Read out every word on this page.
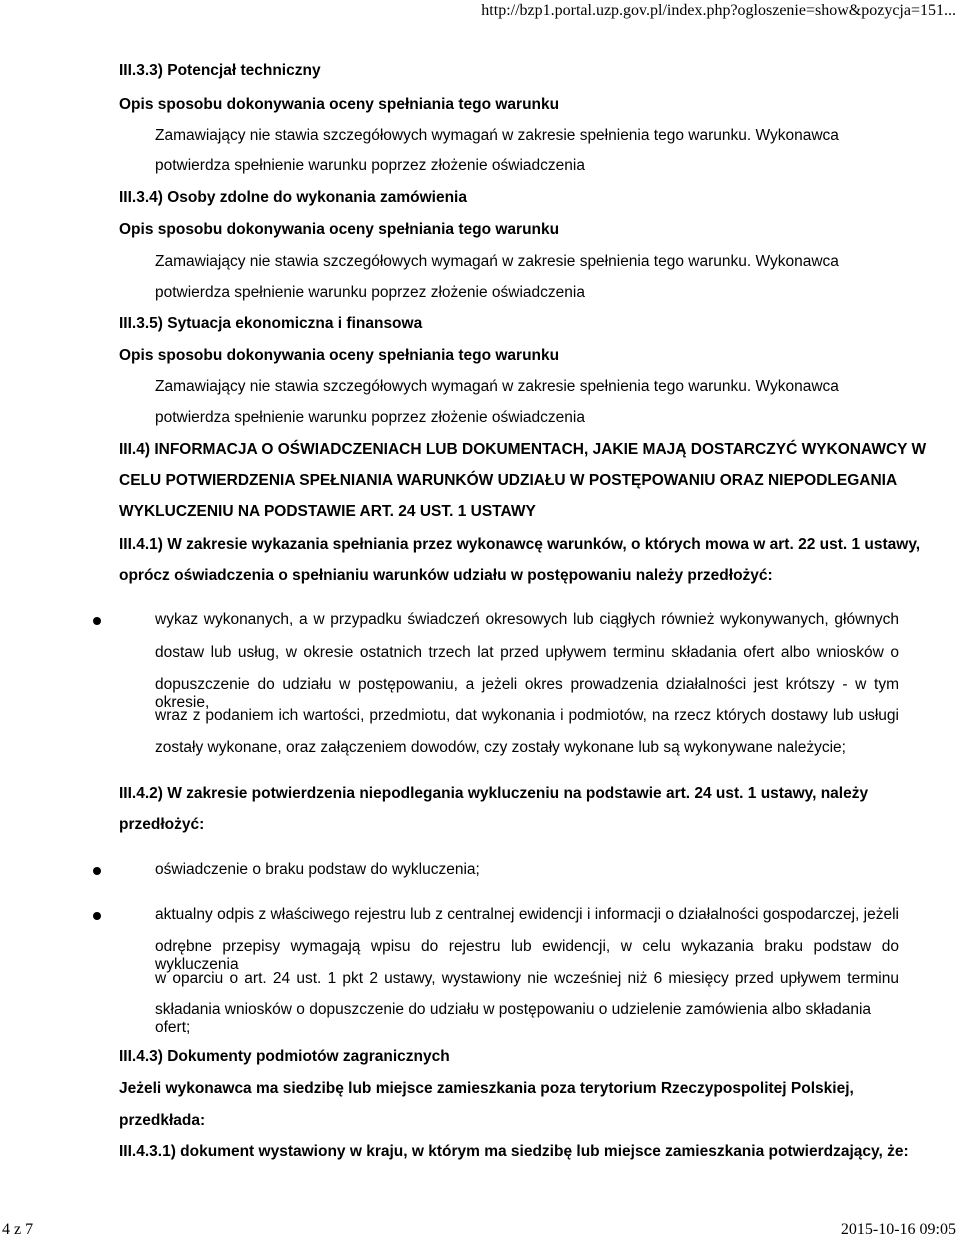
http://bzp1.portal.uzp.gov.pl/index.php?ogloszenie=show&pozycja=151...
III.3.3) Potencjał techniczny
Opis sposobu dokonywania oceny spełniania tego warunku
Zamawiający nie stawia szczegółowych wymagań w zakresie spełnienia tego warunku. Wykonawca
potwierdza spełnienie warunku poprzez złożenie oświadczenia
III.3.4) Osoby zdolne do wykonania zamówienia
Opis sposobu dokonywania oceny spełniania tego warunku
Zamawiający nie stawia szczegółowych wymagań w zakresie spełnienia tego warunku. Wykonawca
potwierdza spełnienie warunku poprzez złożenie oświadczenia
III.3.5) Sytuacja ekonomiczna i finansowa
Opis sposobu dokonywania oceny spełniania tego warunku
Zamawiający nie stawia szczegółowych wymagań w zakresie spełnienia tego warunku. Wykonawca
potwierdza spełnienie warunku poprzez złożenie oświadczenia
III.4) INFORMACJA O OŚWIADCZENIACH LUB DOKUMENTACH, JAKIE MAJĄ DOSTARCZYĆ WYKONAWCY W
CELU POTWIERDZENIA SPEŁNIANIA WARUNKÓW UDZIAŁU W POSTĘPOWANIU ORAZ NIEPODLEGANIA
WYKLUCZENIU NA PODSTAWIE ART. 24 UST. 1 USTAWY
III.4.1) W zakresie wykazania spełniania przez wykonawcę warunków, o których mowa w art. 22 ust. 1 ustawy,
oprócz oświadczenia o spełnianiu warunków udziału w postępowaniu należy przedłożyć:
wykaz wykonanych, a w przypadku świadczeń okresowych lub ciągłych również wykonywanych, głównych
dostaw lub usług, w okresie ostatnich trzech lat przed upływem terminu składania ofert albo wniosków o
dopuszczenie do udziału w postępowaniu, a jeżeli okres prowadzenia działalności jest krótszy - w tym okresie,
wraz z podaniem ich wartości, przedmiotu, dat wykonania i podmiotów, na rzecz których dostawy lub usługi
zostały wykonane, oraz załączeniem dowodów, czy zostały wykonane lub są wykonywane należycie;
III.4.2) W zakresie potwierdzenia niepodlegania wykluczeniu na podstawie art. 24 ust. 1 ustawy, należy
przedłożyć:
oświadczenie o braku podstaw do wykluczenia;
aktualny odpis z właściwego rejestru lub z centralnej ewidencji i informacji o działalności gospodarczej, jeżeli
odrębne przepisy wymagają wpisu do rejestru lub ewidencji, w celu wykazania braku podstaw do wykluczenia
w oparciu o art. 24 ust. 1 pkt 2 ustawy, wystawiony nie wcześniej niż 6 miesięcy przed upływem terminu
składania wniosków o dopuszczenie do udziału w postępowaniu o udzielenie zamówienia albo składania ofert;
III.4.3) Dokumenty podmiotów zagranicznych
Jeżeli wykonawca ma siedzibę lub miejsce zamieszkania poza terytorium Rzeczypospolitej Polskiej,
przedkłada:
III.4.3.1) dokument wystawiony w kraju, w którym ma siedzibę lub miejsce zamieszkania potwierdzający, że:
4 z 7	2015-10-16 09:05
